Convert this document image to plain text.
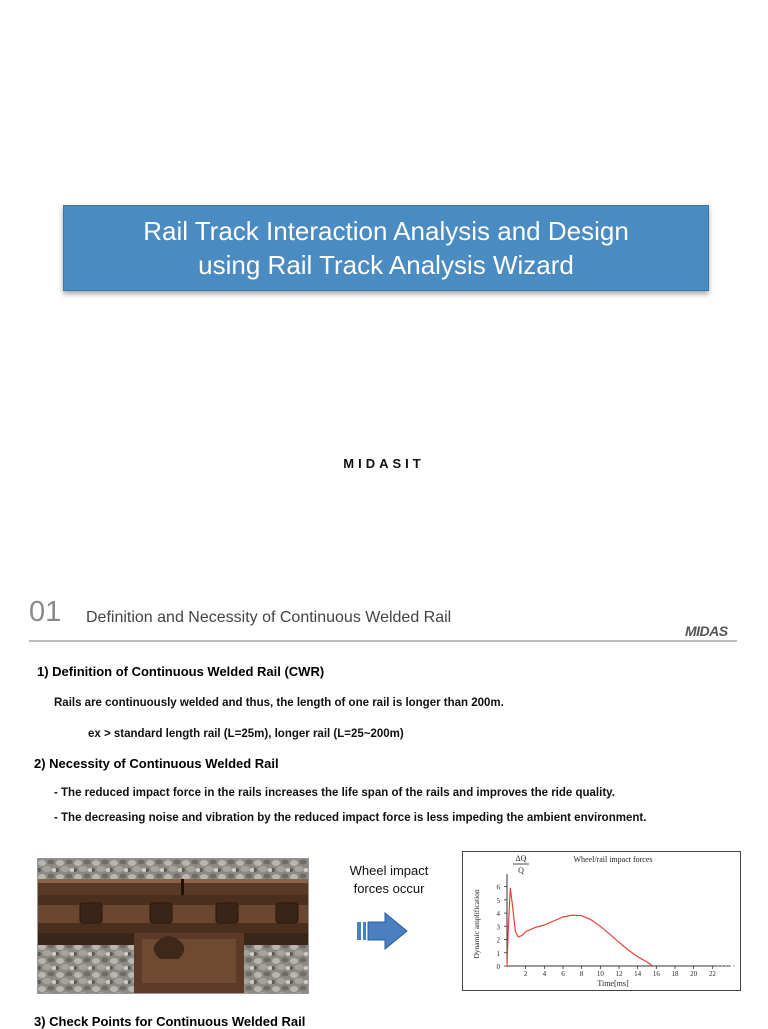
Rail Track Interaction Analysis and Design
using Rail Track Analysis Wizard
MIDASIT
01 Definition and Necessity of Continuous Welded Rail
MIDAS
1) Definition of Continuous Welded Rail (CWR)
Rails are continuously welded and thus, the length of one rail is longer than 200m.
ex > standard length rail (L=25m), longer rail (L=25~200m)
2) Necessity of Continuous Welded Rail
- The reduced impact force in the rails increases the life span of the rails and improves the ride quality.
- The decreasing noise and vibration by the reduced impact force is less impeding the ambient environment.
Wheel impact
forces occur
0
1
2
3
4
5
6
2 4 6 8 10 12 14 16 18 20 22
Wheel/rail impact forces
Dynamic amplification
Time[ms]
ΔQ
Q
3) Check Points for Continuous Welded Rail
